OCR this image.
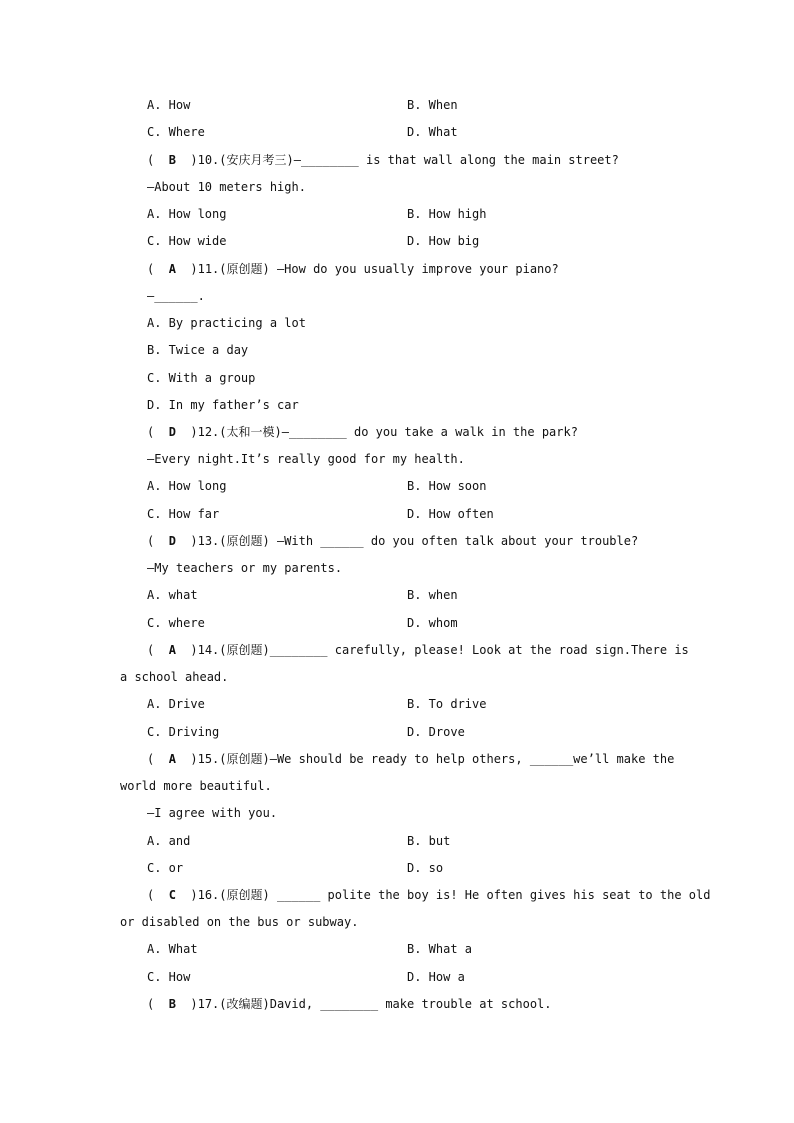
A. How	B. When
C. Where	D. What
( B )10.(安庆月考三)—________ is that wall along the main street?
—About 10 meters high.
A. How long	B. How high
C. How wide	D. How big
( A )11.(原创题) —How do you usually improve your piano?
—______.
A. By practicing a lot
B. Twice a day
C. With a group
D. In my father’s car
( D )12.(太和一模)—________ do you take a walk in the park?
—Every night.It’s really good for my health.
A. How long	B. How soon
C. How far	D. How often
( D )13.(原创题) —With ______ do you often talk about your trouble?
—My teachers or my parents.
A. what	B. when
C. where	D. whom
( A )14.(原创题)________ carefully, please! Look at the road sign.There is
a school ahead.
A. Drive	B. To drive
C. Driving	D. Drove
( A )15.(原创题)—We should be ready to help others, ______we’ll make the
world more beautiful.
—I agree with you.
A. and	B. but
C. or	D. so
( C )16.(原创题) ______ polite the boy is! He often gives his seat to the old
or disabled on the bus or subway.
A. What	B. What a
C. How	D. How a
( B )17.(改编题)David, ________ make trouble at school.
